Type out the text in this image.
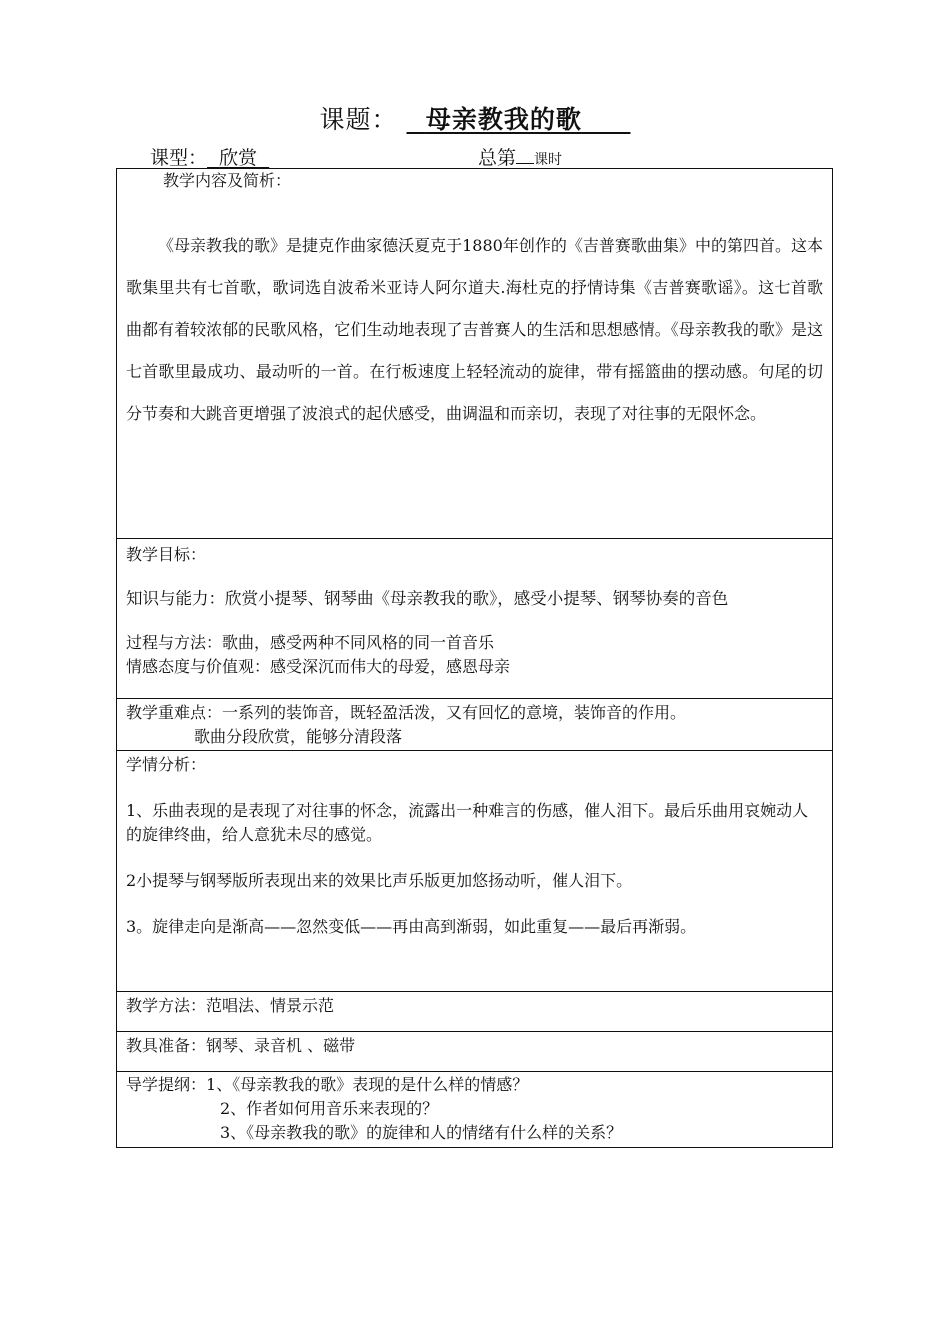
课题： 母亲教我的歌
课型： 欣赏	总第 课时
教学内容及简析：

《母亲教我的歌》是捷克作曲家德沃夏克于1880年创作的《吉普赛歌曲集》中的第四首。这本歌集里共有七首歌，歌词选自波希米亚诗人阿尔道夫.海杜克的抒情诗集《吉普赛歌谣》。这七首歌曲都有着较浓郁的民歌风格，它们生动地表现了吉普赛人的生活和思想感情。《母亲教我的歌》是这七首歌里最成功、最动听的一首。在行板速度上轻轻流动的旋律，带有摇篮曲的摆动感。句尾的切分节奏和大跳音更增强了波浪式的起伏感受，曲调温和而亲切，表现了对往事的无限怀念。

教学目标：
知识与能力：欣赏小提琴、钢琴曲《母亲教我的歌》，感受小提琴、钢琴协奏的音色
过程与方法：歌曲，感受两种不同风格的同一首音乐
情感态度与价值观：感受深沉而伟大的母爱，感恩母亲

教学重难点：一系列的装饰音，既轻盈活泼，又有回忆的意境，装饰音的作用。
歌曲分段欣赏，能够分清段落

学情分析：
1、乐曲表现的是表现了对往事的怀念，流露出一种难言的伤感，催人泪下。最后乐曲用哀婉动人的旋律终曲，给人意犹未尽的感觉。
2小提琴与钢琴版所表现出来的效果比声乐版更加悠扬动听，催人泪下。
3。旋律走向是渐高——忽然变低——再由高到渐弱，如此重复——最后再渐弱。

教学方法：范唱法、情景示范

教具准备：钢琴、录音机 、磁带

导学提纲：1、《母亲教我的歌》表现的是什么样的情感？
2、作者如何用音乐来表现的？
3、《母亲教我的歌》的旋律和人的情绪有什么样的关系？
